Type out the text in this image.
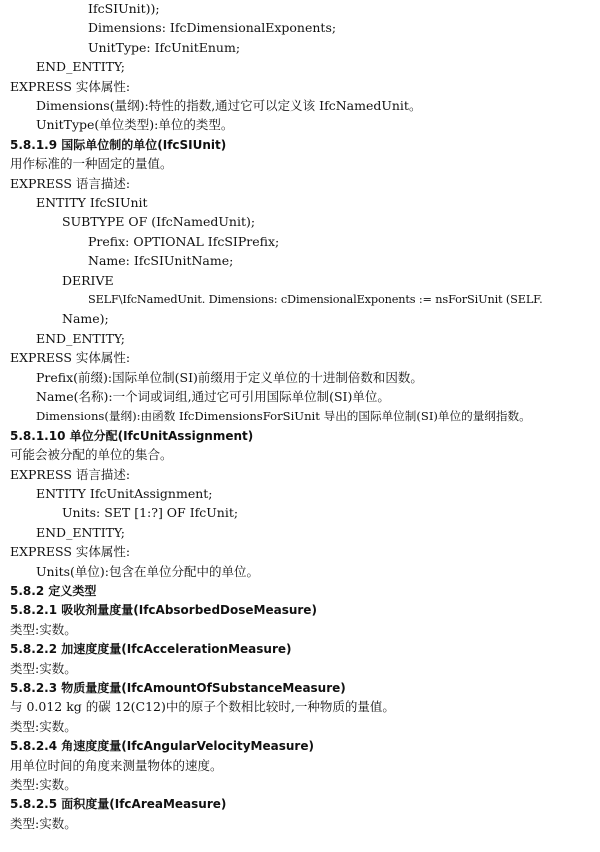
IfcSIUnit));
Dimensions: IfcDimensionalExponents;
UnitType: IfcUnitEnum;
END_ENTITY;
EXPRESS 实体属性:
Dimensions(量纲):特性的指数,通过它可以定义该 IfcNamedUnit。
UnitType(单位类型):单位的类型。
5.8.1.9 国际单位制的单位(IfcSIUnit)
用作标准的一种固定的量值。
EXPRESS 语言描述:
ENTITY IfcSIUnit
SUBTYPE OF (IfcNamedUnit);
Prefix: OPTIONAL IfcSIPrefix;
Name: IfcSIUnitName;
DERIVE
SELF\IfcNamedUnit. Dimensions: cDimensionalExponents := nsForSiUnit (SELF.
Name);
END_ENTITY;
EXPRESS 实体属性:
Prefix(前缀):国际单位制(SI)前缀用于定义单位的十进制倍数和因数。
Name(名称):一个词或词组,通过它可引用国际单位制(SI)单位。
Dimensions(量纲):由函数 IfcDimensionsForSiUnit 导出的国际单位制(SI)单位的量纲指数。
5.8.1.10 单位分配(IfcUnitAssignment)
可能会被分配的单位的集合。
EXPRESS 语言描述:
ENTITY IfcUnitAssignment;
Units: SET [1:?] OF IfcUnit;
END_ENTITY;
EXPRESS 实体属性:
Units(单位):包含在单位分配中的单位。
5.8.2 定义类型
5.8.2.1 吸收剂量度量(IfcAbsorbedDoseMeasure)
类型:实数。
5.8.2.2 加速度度量(IfcAccelerationMeasure)
类型:实数。
5.8.2.3 物质量度量(IfcAmountOfSubstanceMeasure)
与 0.012 kg 的碳 12(C12)中的原子个数相比较时,一种物质的量值。
类型:实数。
5.8.2.4 角速度度量(IfcAngularVelocityMeasure)
用单位时间的角度来测量物体的速度。
类型:实数。
5.8.2.5 面积度量(IfcAreaMeasure)
类型:实数。
